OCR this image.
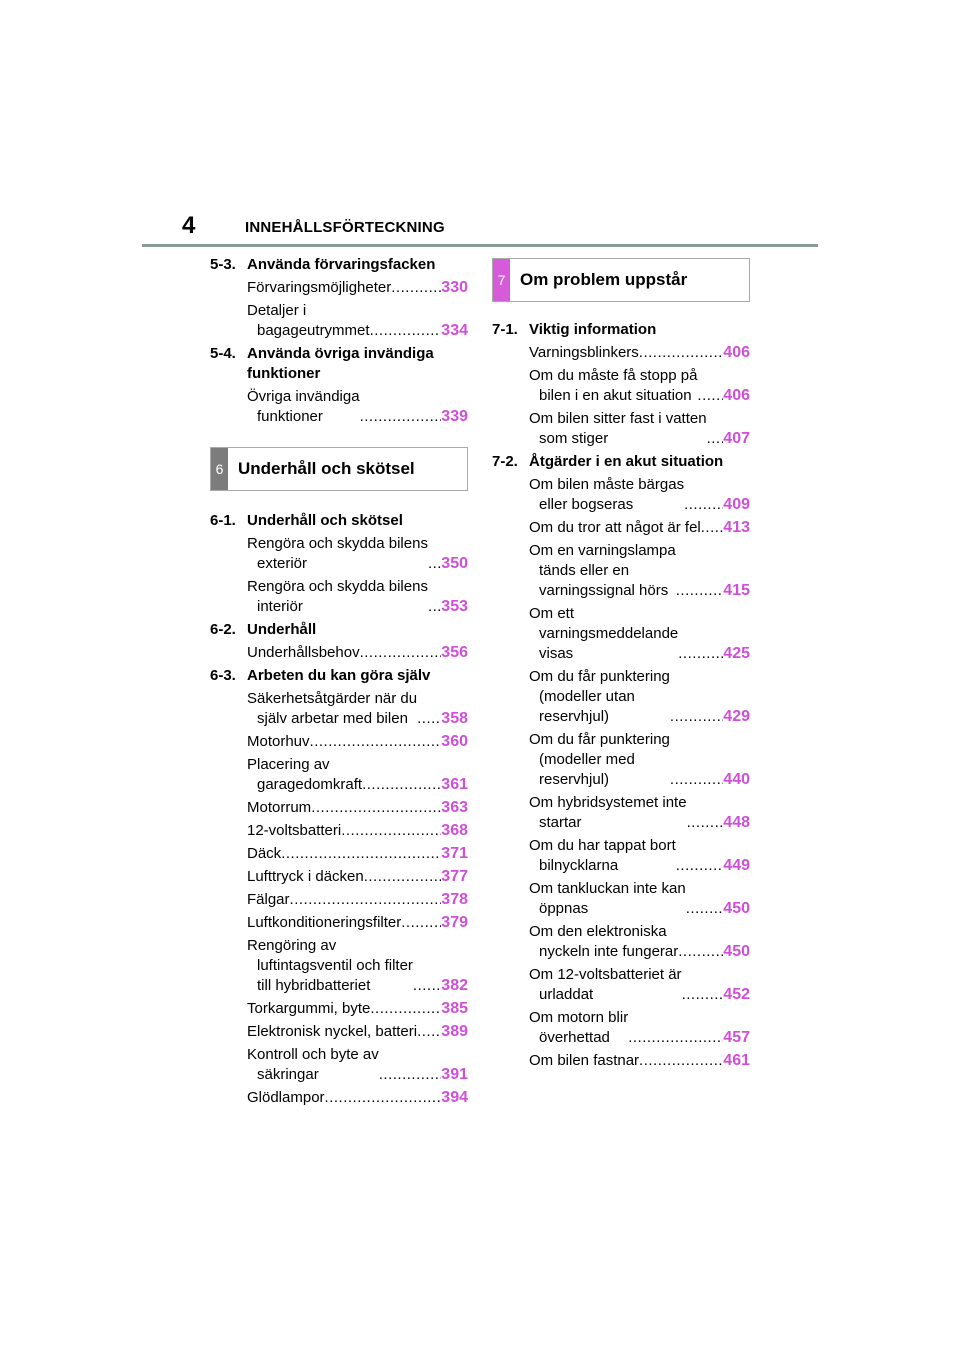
4	INNEHÅLLSFÖRTECKNING
5-3. Använda förvaringsfacken
Förvaringsmöjligheter .....	330
Detaljer i
bagageutrymmet .....	334
5-4. Använda övriga invändiga funktioner
Övriga invändiga
funktioner .....	339
6 Underhåll och skötsel
6-1. Underhåll och skötsel
Rengöra och skydda bilens
exteriör .....	350
Rengöra och skydda bilens
interiör .....	353
6-2. Underhåll
Underhållsbehov .....	356
6-3. Arbeten du kan göra själv
Säkerhetsåtgärder när du
själv arbetar med bilen .....	358
Motorhuv .....	360
Placering av
garagedomkraft .....	361
Motorrum .....	363
12-voltsbatteri .....	368
Däck .....	371
Lufttryck i däcken .....	377
Fälgar .....	378
Luftkonditioneringsfilter .....	379
Rengöring av
luftintagsventil och filter
till hybridbatteriet .....	382
Torkargummi, byte .....	385
Elektronisk nyckel, batteri ..... 389
Kontroll och byte av
säkringar .....	391
Glödlampor .....	394
7 Om problem uppstår
7-1. Viktig information
Varningsblinkers .....	406
Om du måste få stopp på
bilen i en akut situation .....	406
Om bilen sitter fast i vatten
som stiger .....	407
7-2. Åtgärder i en akut situation
Om bilen måste bärgas
eller bogseras .....	409
Om du tror att något är fel ..... 413
Om en varningslampa
tänds eller en
varningssignal hörs .....	415
Om ett
varningsmeddelande
visas .....	425
Om du får punktering
(modeller utan
reservhjul) .....	429
Om du får punktering
(modeller med
reservhjul) .....	440
Om hybridsystemet inte
startar .....	448
Om du har tappat bort
bilnycklarna .....	449
Om tankluckan inte kan
öppnas .....	450
Om den elektroniska
nyckeln inte fungerar .....	450
Om 12-voltsbatteriet är
urladdat .....	452
Om motorn blir
överhettad .....	457
Om bilen fastnar .....	461
